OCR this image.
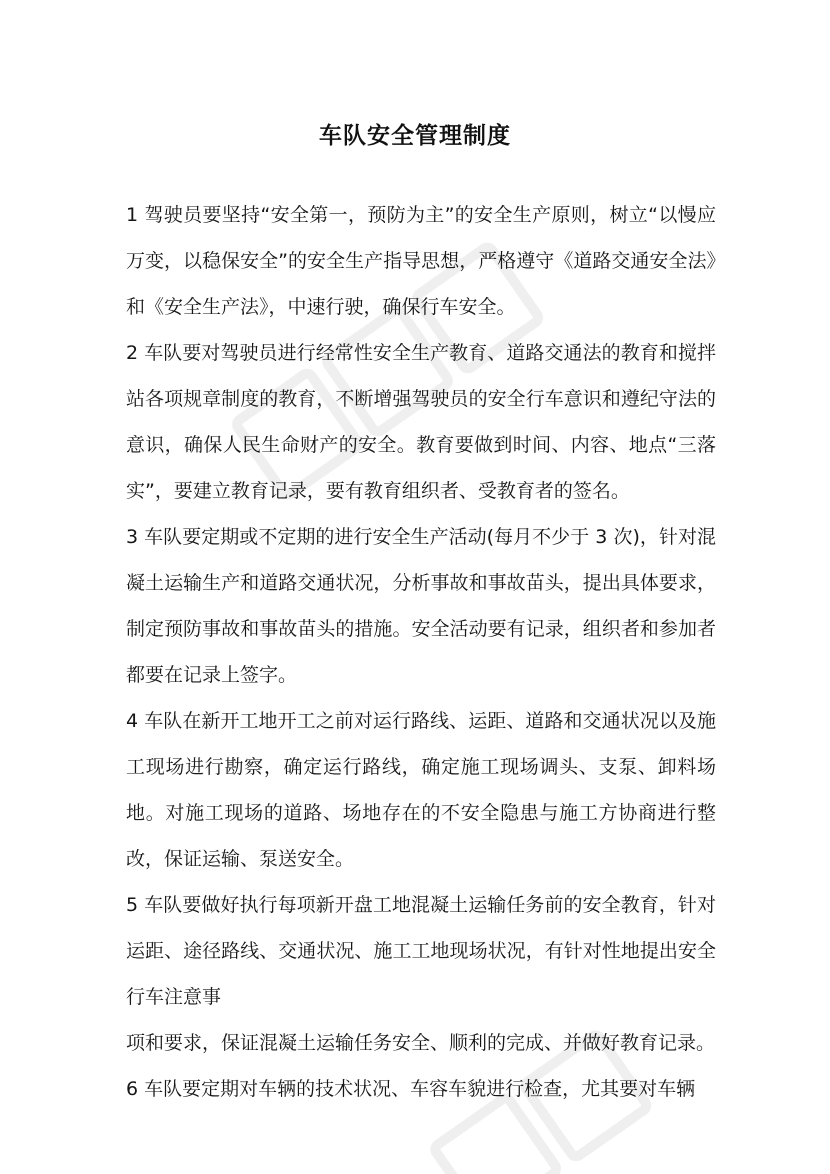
车队安全管理制度

1 驾驶员要坚持“安全第一，预防为主”的安全生产原则，树立“以慢应万变，以稳保安全”的安全生产指导思想，严格遵守《道路交通安全法》和《安全生产法》，中速行驶，确保行车安全。

2 车队要对驾驶员进行经常性安全生产教育、道路交通法的教育和搅拌站各项规章制度的教育，不断增强驾驶员的安全行车意识和遵纪守法的意识，确保人民生命财产的安全。教育要做到时间、内容、地点“三落实”，要建立教育记录，要有教育组织者、受教育者的签名。

3 车队要定期或不定期的进行安全生产活动(每月不少于 3 次)，针对混凝土运输生产和道路交通状况，分析事故和事故苗头，提出具体要求，制定预防事故和事故苗头的措施。安全活动要有记录，组织者和参加者都要在记录上签字。

4 车队在新开工地开工之前对运行路线、运距、道路和交通状况以及施工现场进行勘察，确定运行路线，确定施工现场调头、支泵、卸料场地。对施工现场的道路、场地存在的不安全隐患与施工方协商进行整改，保证运输、泵送安全。

5 车队要做好执行每项新开盘工地混凝土运输任务前的安全教育，针对运距、途径路线、交通状况、施工工地现场状况，有针对性地提出安全行车注意事

项和要求，保证混凝土运输任务安全、顺利的完成、并做好教育记录。

6 车队要定期对车辆的技术状况、车容车貌进行检查，尤其要对车辆
